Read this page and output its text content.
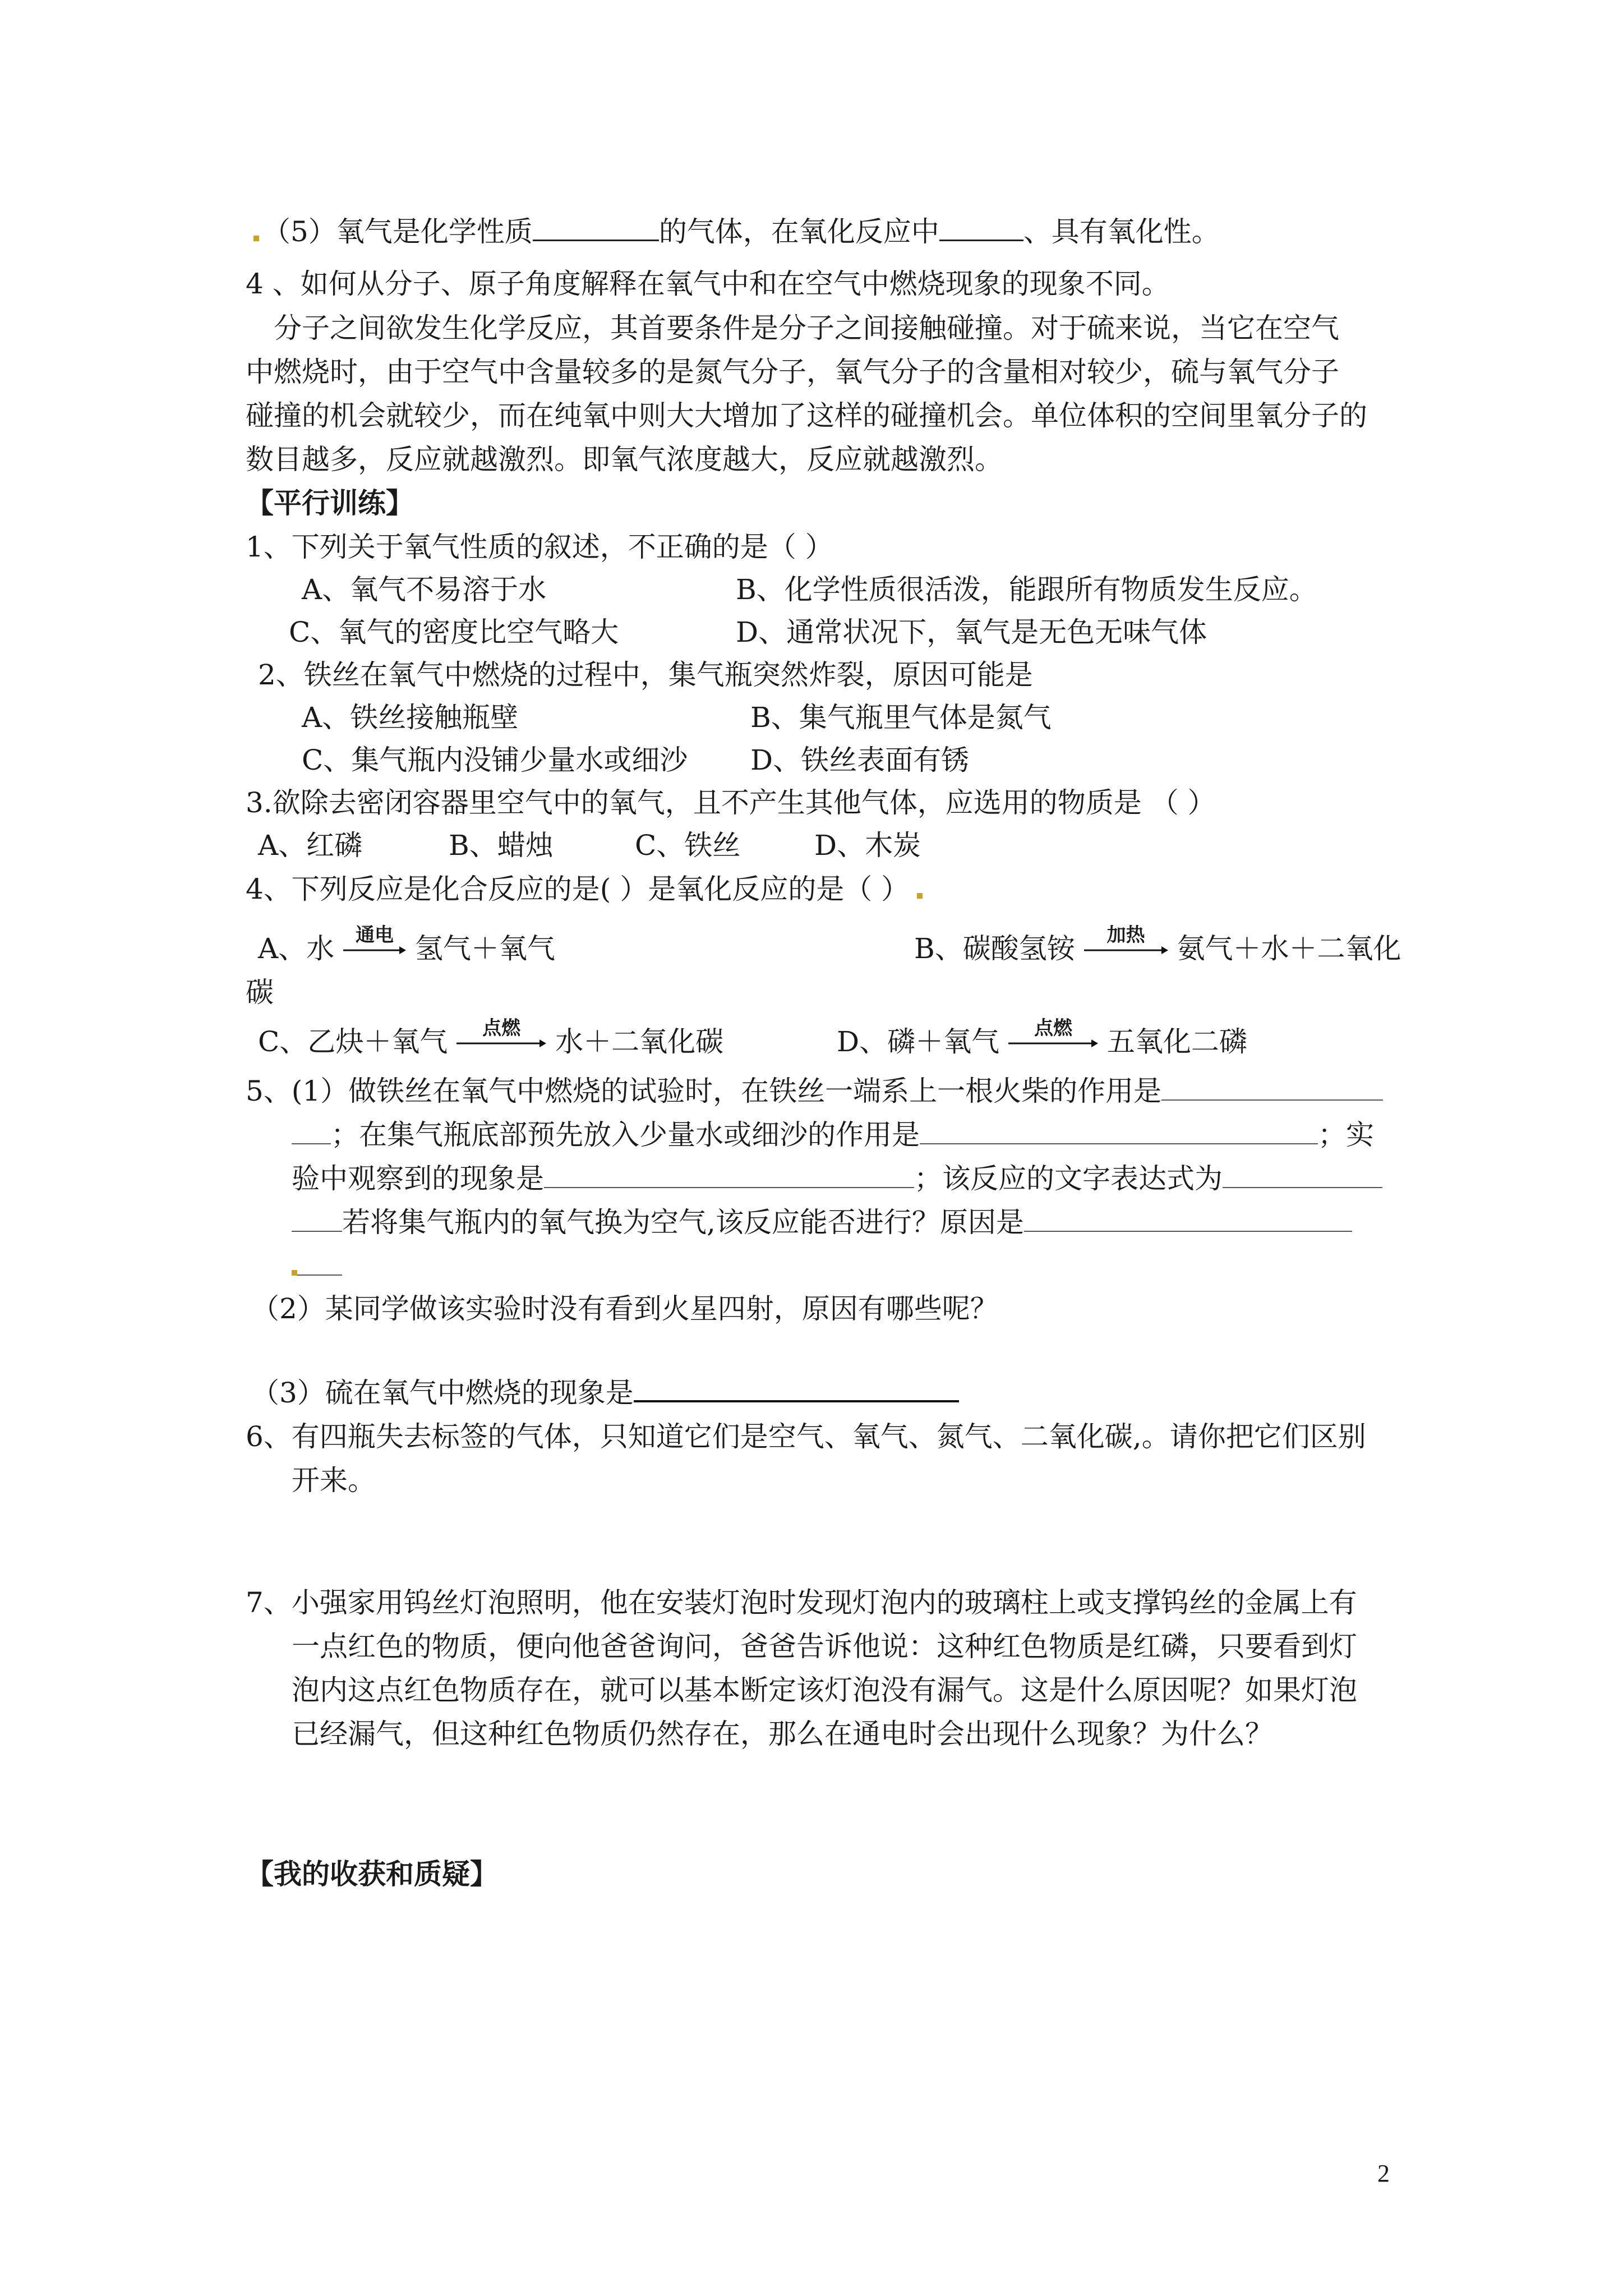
（5）氧气是化学性质	的气体，在氧化反应中	、具有氧化性。
4 、如何从分子、原子角度解释在氧气中和在空气中燃烧现象的现象不同。
分子之间欲发生化学反应，其首要条件是分子之间接触碰撞。对于硫来说，当它在空气
中燃烧时，由于空气中含量较多的是氮气分子，氧气分子的含量相对较少，硫与氧气分子
碰撞的机会就较少，而在纯氧中则大大增加了这样的碰撞机会。单位体积的空间里氧分子的
数目越多，反应就越激烈。即氧气浓度越大，反应就越激烈。
【平行训练】
1、下列关于氧气性质的叙述，不正确的是（ ）
A、氧气不易溶于水	B、化学性质很活泼，能跟所有物质发生反应。
C、氧气的密度比空气略大	D、通常状况下，氧气是无色无味气体
2、铁丝在氧气中燃烧的过程中，集气瓶突然炸裂，原因可能是
A、铁丝接触瓶壁	B、集气瓶里气体是氮气
C、集气瓶内没铺少量水或细沙 D、铁丝表面有锈
3.欲除去密闭容器里空气中的氧气，且不产生其他气体，应选用的物质是 （ ）
A、红磷	B、蜡烛	C、铁丝	D、木炭
4、下列反应是化合反应的是( ）是氧化反应的是（ ）
A、水	通电 氢气＋氧气	B、碳酸氢铵	加热	氨气＋水＋二氧化
碳
C、乙炔＋氧气	点燃	水＋二氧化碳	D、磷＋氧气	点燃	五氧化二磷
5、(1）做铁丝在氧气中燃烧的试验时，在铁丝一端系上一根火柴的作用是
；在集气瓶底部预先放入少量水或细沙的作用是	；实
验中观察到的现象是	；该反应的文字表达式为
若将集气瓶内的氧气换为空气,该反应能否进行？原因是
（2）某同学做该实验时没有看到火星四射，原因有哪些呢？
（3）硫在氧气中燃烧的现象是
6、有四瓶失去标签的气体，只知道它们是空气、氧气、氮气、二氧化碳,。请你把它们区别
开来。
7、小强家用钨丝灯泡照明，他在安装灯泡时发现灯泡内的玻璃柱上或支撑钨丝的金属上有
一点红色的物质，便向他爸爸询问，爸爸告诉他说：这种红色物质是红磷，只要看到灯
泡内这点红色物质存在，就可以基本断定该灯泡没有漏气。这是什么原因呢？如果灯泡
已经漏气，但这种红色物质仍然存在，那么在通电时会出现什么现象？为什么？
【我的收获和质疑】
2
